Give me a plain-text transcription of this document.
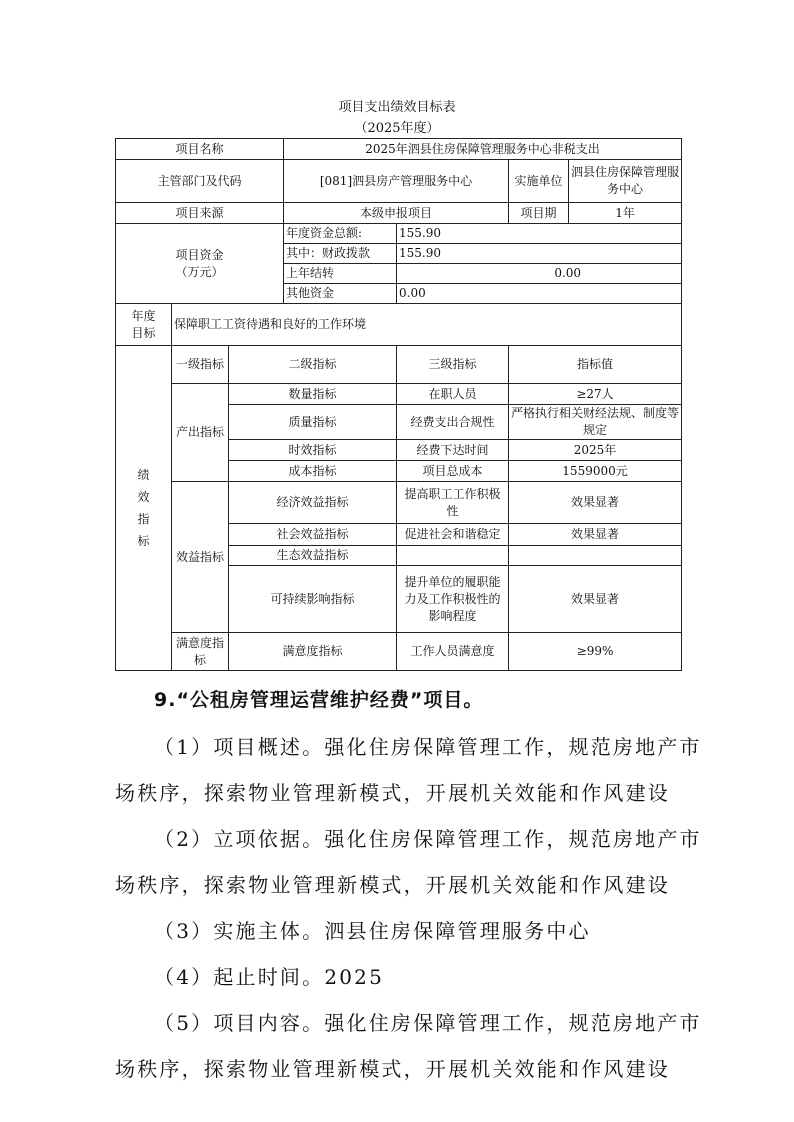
项目支出绩效目标表
（2025年度）
项目名称			2025年泗县住房保障管理服务中心非税支出			
主管部门及代码			[081]泗县房产管理服务中心		实施单位	泗县住房保障管理服务中心
项目来源			本级申报项目		项目期	1年

项目资金
（万元）			年度资金总额:	155.90		
			其中：财政拨款	155.90		
			上年结转	0.00		
			其他资金	0.00		

年度
目标	保障职工工资待遇和良好的工作环境					

绩
效
指
标	一级指标	二级指标		三级指标	指标值	
	产出指标	数量指标		在职人员	≥27人	
		质量指标		经费支出合规性	严格执行相关财经法规、制度等规定	
		时效指标		经费下达时间	2025年	
		成本指标		项目总成本	1559000元	
	效益指标	经济效益指标		提高职工工作积极性	效果显著	
		社会效益指标		促进社会和谐稳定	效果显著	
		生态效益指标				
		可持续影响指标		提升单位的履职能力及工作积极性的影响程度	效果显著	
	满意度指标	满意度指标		工作人员满意度	≥99%	
9.“公租房管理运营维护经费”项目。
（1）项目概述。强化住房保障管理工作，规范房地产市
场秩序，探索物业管理新模式，开展机关效能和作风建设
（2）立项依据。强化住房保障管理工作，规范房地产市
场秩序，探索物业管理新模式，开展机关效能和作风建设
（3）实施主体。泗县住房保障管理服务中心
（4）起止时间。2025
（5）项目内容。强化住房保障管理工作，规范房地产市
场秩序，探索物业管理新模式，开展机关效能和作风建设
